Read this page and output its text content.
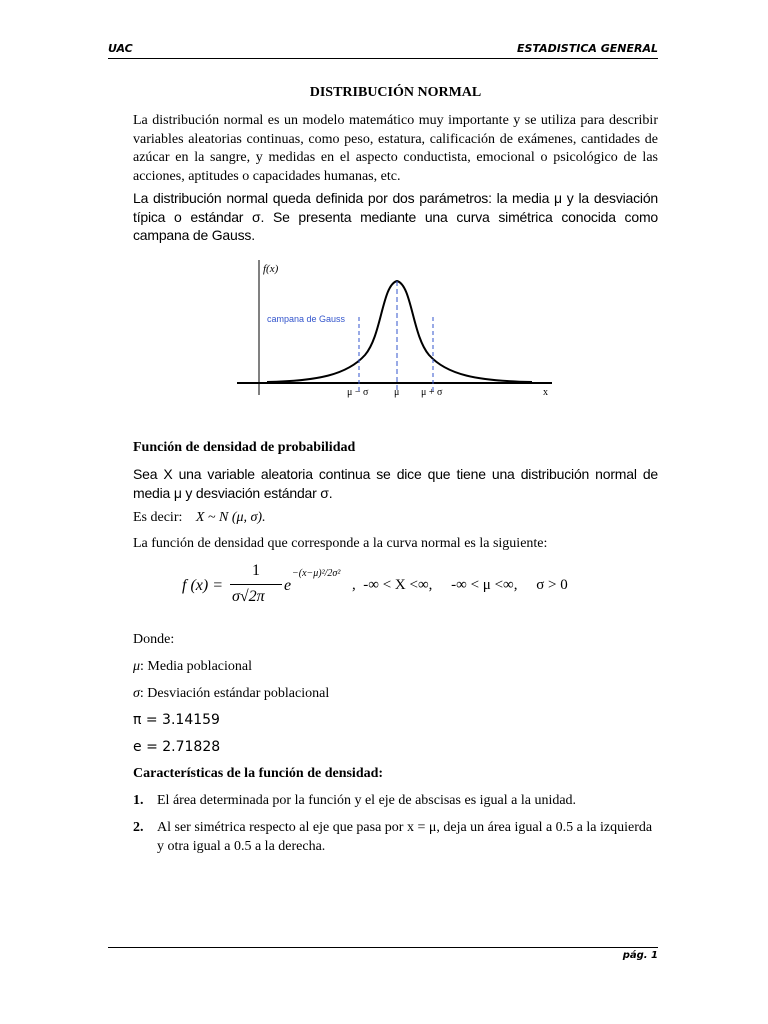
UAC	ESTADISTICA GENERAL
DISTRIBUCIÓN NORMAL

La distribución normal es un modelo matemático muy importante y se utiliza para describir variables aleatorias continuas, como peso, estatura, calificación de exámenes, cantidades de azúcar en la sangre, y medidas en el aspecto conductista, emocional o psicológico de las acciones, aptitudes o capacidades humanas, etc.

La distribución normal queda definida por dos parámetros: la media μ y la desviación típica o estándar σ. Se presenta mediante una curva simétrica conocida como campana de Gauss.

f(x)
campana de Gauss
μ − σ	μ μ + σ	x
Función de densidad de probabilidad

Sea X una variable aleatoria continua se dice que tiene una distribución normal de media μ y desviación estándar σ.

Es decir: X ~ N (μ, σ).
La función de densidad que corresponde a la curva normal es la siguiente:
f (x) =
1
σ√2π
e
−(x−μ)²/2σ²
,  -∞ < X <∞,     -∞ < μ <∞,     σ > 0
Donde:
μ: Media poblacional
σ: Desviación estándar poblacional
π = 3.14159
e = 2.71828
Características de la función de densidad:
1. El área determinada por la función y el eje de abscisas es igual a la unidad.
2. Al ser simétrica respecto al eje que pasa por x = μ, deja un área igual a 0.5 a la izquierda y otra igual a 0.5 a la derecha.
pág. 1
